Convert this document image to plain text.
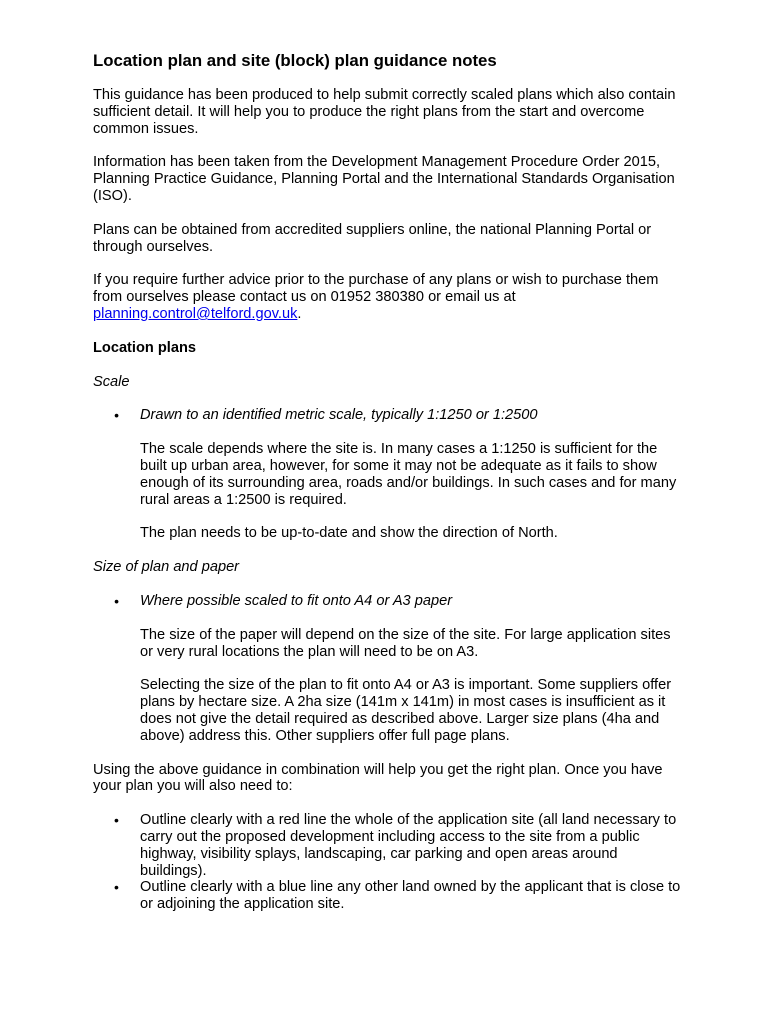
Location plan and site (block) plan guidance notes

This guidance has been produced to help submit correctly scaled plans which also contain sufficient detail. It will help you to produce the right plans from the start and overcome common issues.

Information has been taken from the Development Management Procedure Order 2015, Planning Practice Guidance, Planning Portal and the International Standards Organisation (ISO).

Plans can be obtained from accredited suppliers online, the national Planning Portal or through ourselves.

If you require further advice prior to the purchase of any plans or wish to purchase them from ourselves please contact us on 01952 380380 or email us at planning.control@telford.gov.uk.

Location plans

Scale

• Drawn to an identified metric scale, typically 1:1250 or 1:2500

The scale depends where the site is. In many cases a 1:1250 is sufficient for the built up urban area, however, for some it may not be adequate as it fails to show enough of its surrounding area, roads and/or buildings. In such cases and for many rural areas a 1:2500 is required.

The plan needs to be up-to-date and show the direction of North.

Size of plan and paper

• Where possible scaled to fit onto A4 or A3 paper

The size of the paper will depend on the size of the site. For large application sites or very rural locations the plan will need to be on A3.

Selecting the size of the plan to fit onto A4 or A3 is important. Some suppliers offer plans by hectare size. A 2ha size (141m x 141m) in most cases is insufficient as it does not give the detail required as described above. Larger size plans (4ha and above) address this. Other suppliers offer full page plans.

Using the above guidance in combination will help you get the right plan. Once you have your plan you will also need to:

• Outline clearly with a red line the whole of the application site (all land necessary to carry out the proposed development including access to the site from a public highway, visibility splays, landscaping, car parking and open areas around buildings).
• Outline clearly with a blue line any other land owned by the applicant that is close to or adjoining the application site.
